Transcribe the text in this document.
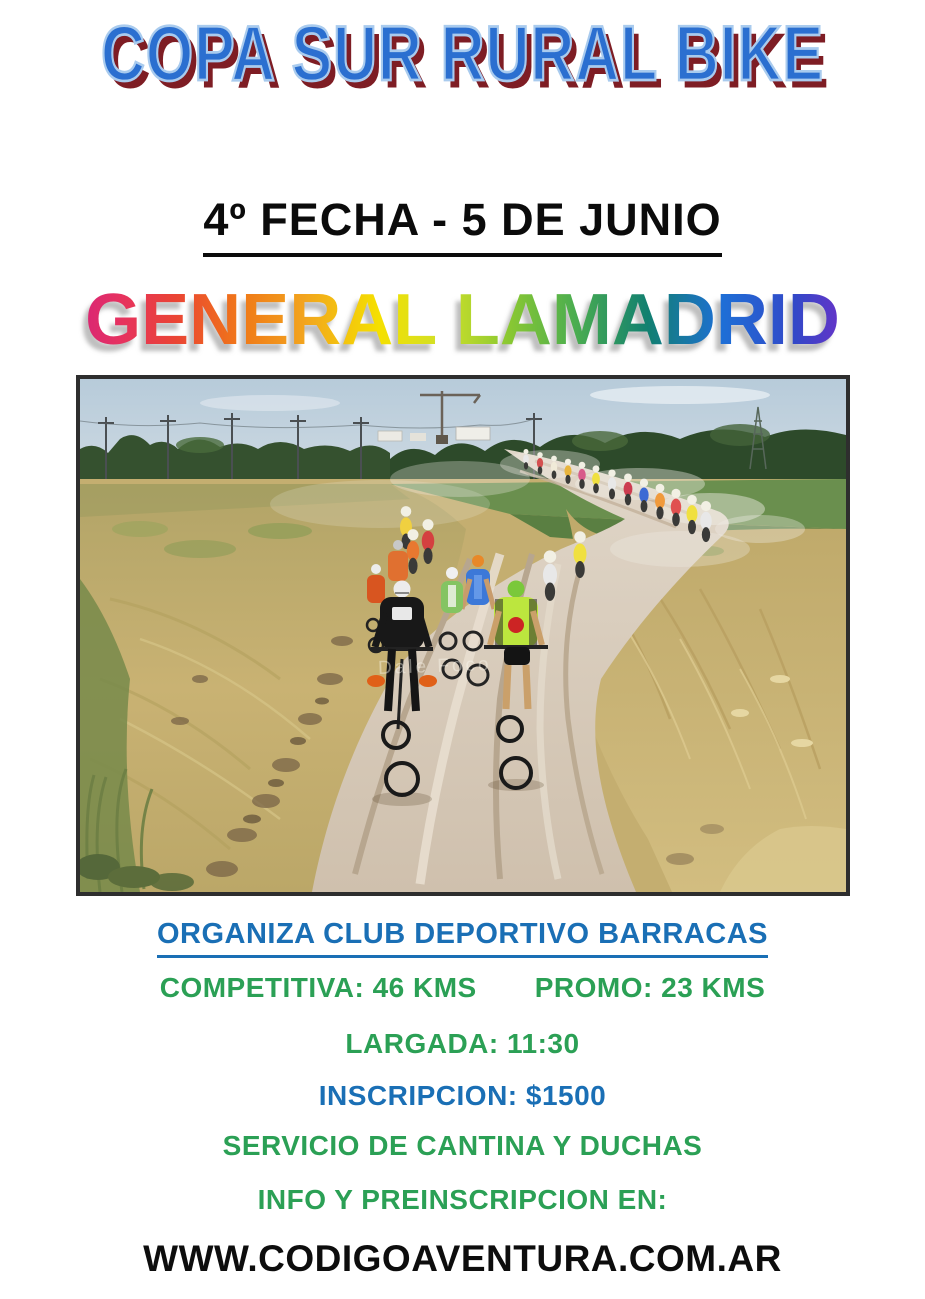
COPA SUR RURAL BIKE
4º FECHA - 5 DE JUNIO
GENERAL LAMADRID
Dale Foco

ORGANIZA CLUB DEPORTIVO BARRACAS

COMPETITIVA: 46 KMS PROMO: 23 KMS

LARGADA: 11:30

INSCRIPCION: $1500

SERVICIO DE CANTINA Y DUCHAS

INFO Y PREINSCRIPCION EN:

WWW.CODIGOAVENTURA.COM.AR
